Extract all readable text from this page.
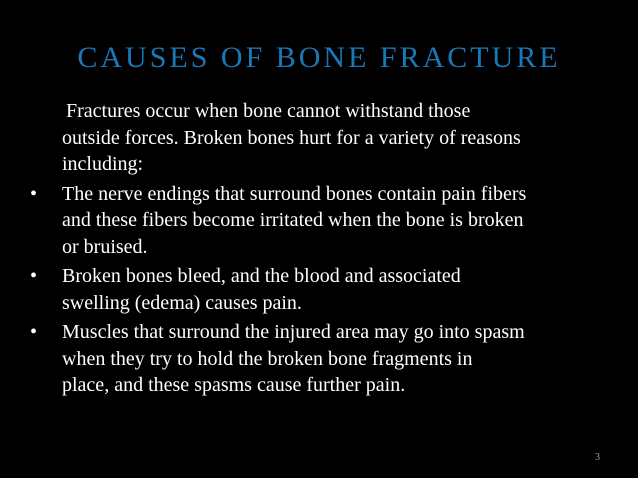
CAUSES OF BONE FRACTURE

Fractures occur when bone cannot withstand those
outside forces. Broken bones hurt for a variety of reasons
including:

•	The nerve endings that surround bones contain pain fibers
and these fibers become irritated when the bone is broken
or bruised.
•	Broken bones bleed, and the blood and associated
swelling (edema) causes pain.
•	Muscles that surround the injured area may go into spasm
when they try to hold the broken bone fragments in
place, and these spasms cause further pain.
3
